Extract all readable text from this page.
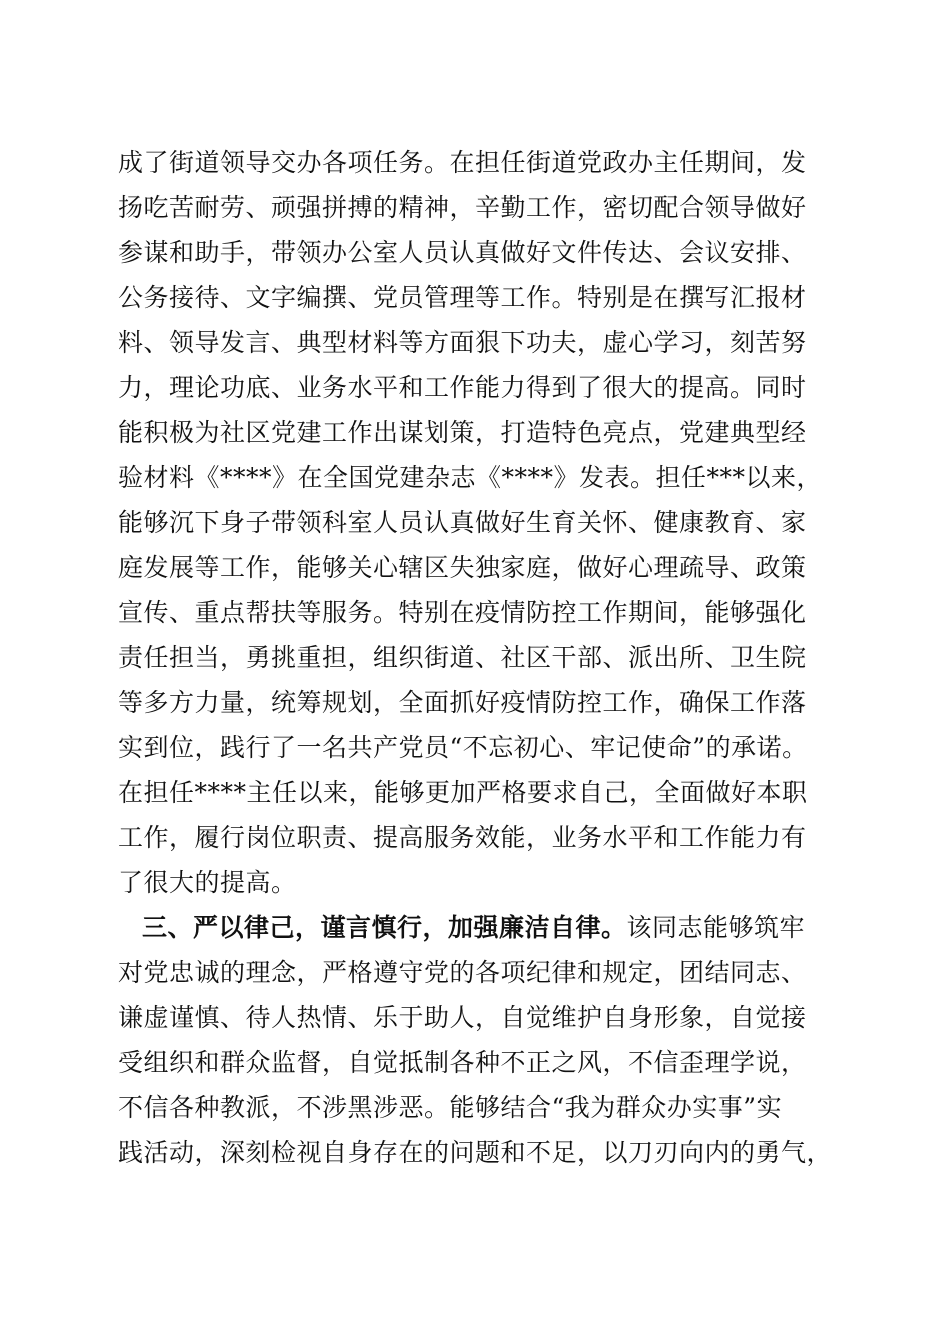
成了街道领导交办各项任务。在担任街道党政办主任期间，发
扬吃苦耐劳、顽强拼搏的精神，辛勤工作，密切配合领导做好
参谋和助手，带领办公室人员认真做好文件传达、会议安排、
公务接待、文字编撰、党员管理等工作。特别是在撰写汇报材
料、领导发言、典型材料等方面狠下功夫，虚心学习，刻苦努
力，理论功底、业务水平和工作能力得到了很大的提高。同时
能积极为社区党建工作出谋划策，打造特色亮点，党建典型经
验材料《****》在全国党建杂志《****》发表。担任***以来，
能够沉下身子带领科室人员认真做好生育关怀、健康教育、家
庭发展等工作，能够关心辖区失独家庭，做好心理疏导、政策
宣传、重点帮扶等服务。特别在疫情防控工作期间，能够强化
责任担当，勇挑重担，组织街道、社区干部、派出所、卫生院
等多方力量，统筹规划，全面抓好疫情防控工作，确保工作落
实到位，践行了一名共产党员“不忘初心、牢记使命”的承诺。
在担任****主任以来，能够更加严格要求自己，全面做好本职
工作，履行岗位职责、提高服务效能，业务水平和工作能力有
了很大的提高。
三、严以律己，谨言慎行，加强廉洁自律。该同志能够筑牢
对党忠诚的理念，严格遵守党的各项纪律和规定，团结同志、
谦虚谨慎、待人热情、乐于助人，自觉维护自身形象，自觉接
受组织和群众监督，自觉抵制各种不正之风，不信歪理学说，
不信各种教派，不涉黑涉恶。能够结合“我为群众办实事”实
践活动，深刻检视自身存在的问题和不足，以刀刃向内的勇气，
